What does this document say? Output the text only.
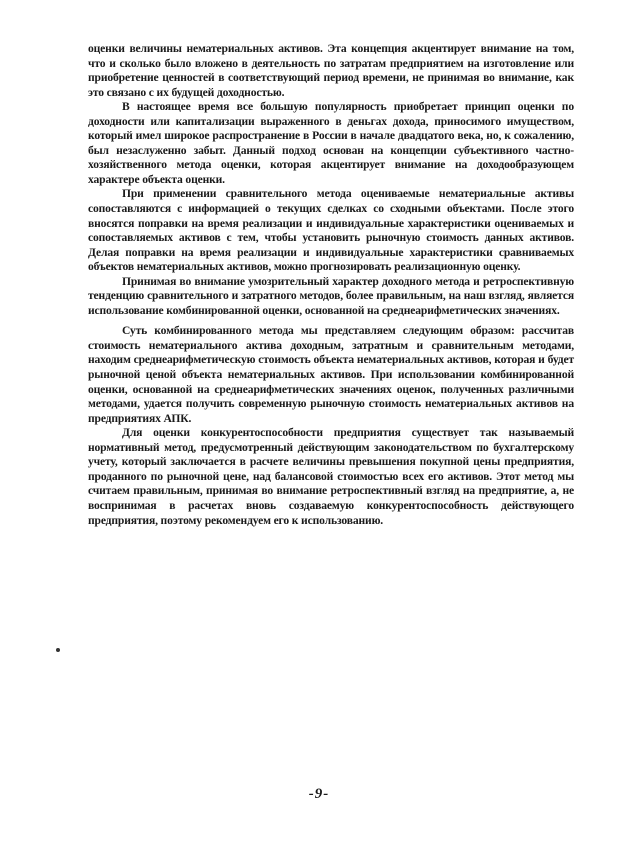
оценки величины нематериальных активов. Эта концепция акцентирует внимание на том, что и сколько было вложено в деятельность по затратам предприятием на изготовление или приобретение ценностей в соответствующий период времени, не принимая во внимание, как это связано с их будущей доходностью.

В настоящее время все большую популярность приобретает принцип оценки по доходности или капитализации выраженного в деньгах дохода, приносимого имуществом, который имел широкое распространение в России в начале двадцатого века, но, к сожалению, был незаслуженно забыт. Данный подход основан на концепции субъективного частно-хозяйственного метода оценки, которая акцентирует внимание на доходообразующем характере объекта оценки.

При применении сравнительного метода оцениваемые нематериальные активы сопоставляются с информацией о текущих сделках со сходными объектами. После этого вносятся поправки на время реализации и индивидуальные характеристики оцениваемых и сопоставляемых активов с тем, чтобы установить рыночную стоимость данных активов. Делая поправки на время реализации и индивидуальные характеристики сравниваемых объектов нематериальных активов, можно прогнозировать реализационную оценку.

Принимая во внимание умозрительный характер доходного метода и ретроспективную тенденцию сравнительного и затратного методов, более правильным, на наш взгляд, является использование комбинированной оценки, основанной на среднеарифметических значениях.

Суть комбинированного метода мы представляем следующим образом: рассчитав стоимость нематериального актива доходным, затратным и сравнительным методами, находим среднеарифметическую стоимость объекта нематериальных активов, которая и будет рыночной ценой объекта нематериальных активов. При использовании комбинированной оценки, основанной на среднеарифметических значениях оценок, полученных различными методами, удается получить современную рыночную стоимость нематериальных активов на предприятиях АПК.

Для оценки конкурентоспособности предприятия существует так называемый нормативный метод, предусмотренный действующим законодательством по бухгалтерскому учету, который заключается в расчете величины превышения покупной цены предприятия, проданного по рыночной цене, над балансовой стоимостью всех его активов. Этот метод мы считаем правильным, принимая во внимание ретроспективный взгляд на предприятие, а, не воспринимая в расчетах вновь создаваемую конкурентоспособность действующего предприятия, поэтому рекомендуем его к использованию.

-9-
